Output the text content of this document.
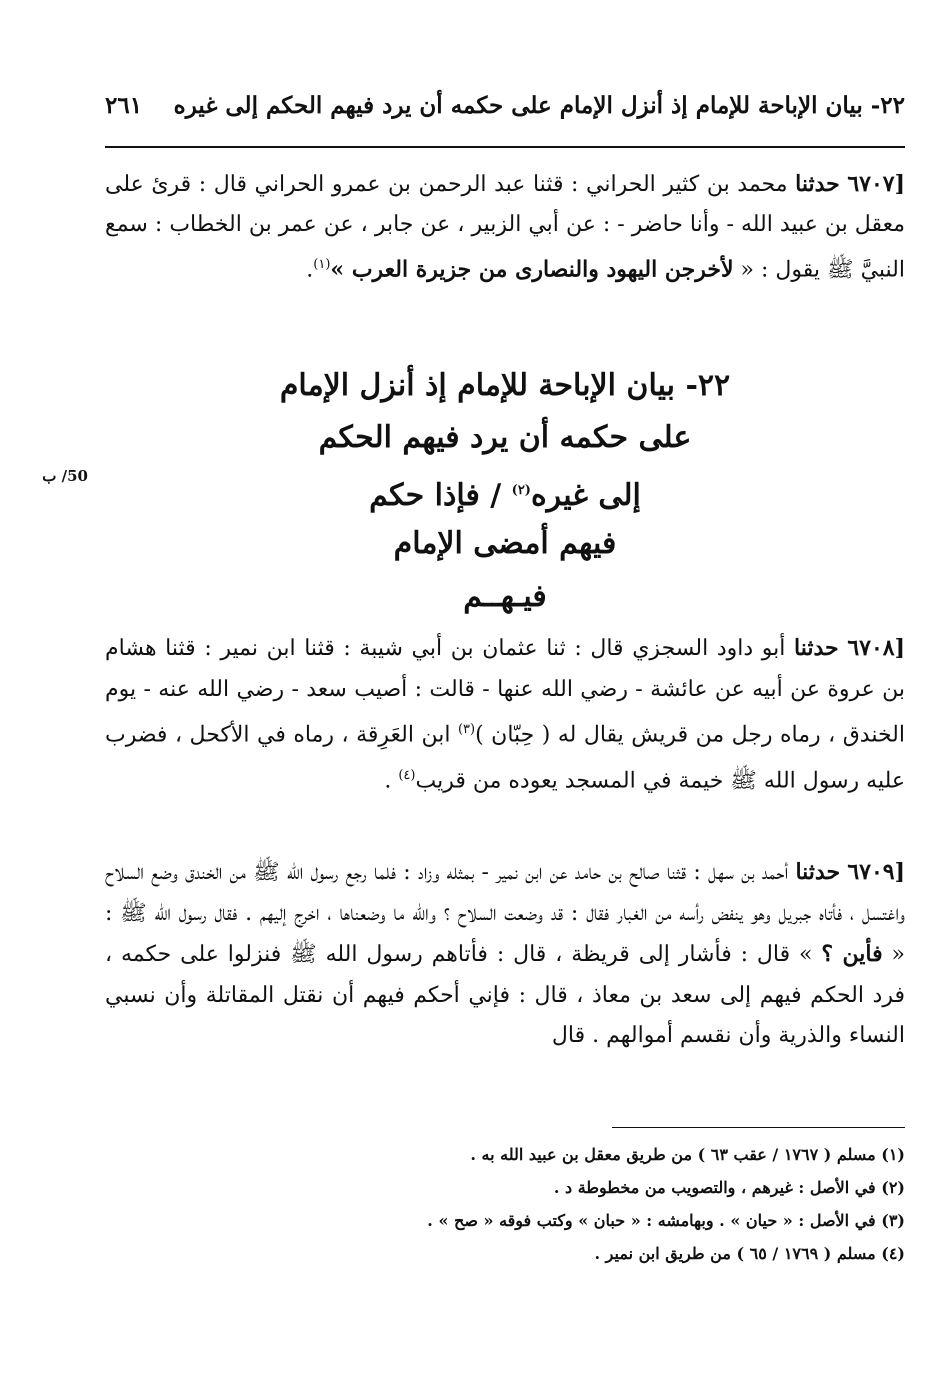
٢٢- بيان الإباحة للإمام إذ أنزل الإمام على حكمه أن يرد فيهم الحكم إلى غيره
٢٦١

[٦٧٠٧ حدثنا محمد بن كثير الحراني : قثنا عبد الرحمن بن عمرو الحراني قال : قرئ على معقل بن عبيد الله - وأنا حاضر - : عن أبي الزبير ، عن جابر ، عن عمر بن الخطاب : سمع النبيَّ ﷺ يقول : « لأخرجن اليهود والنصارى من جزيرة العرب »$^{(١)}$.

٢٢- بيان الإباحة للإمام إذ أنزل الإمام
على حكمه أن يرد فيهم الحكم
إلى غيره$^{(٢)}$ / فإذا حكم
فيهم أمضى الإمام
فيـهــم
50/ ب

[٦٧٠٨ حدثنا أبو داود السجزي قال : ثنا عثمان بن أبي شيبة : قثنا ابن نمير : قثنا هشام بن عروة عن أبيه عن عائشة - رضي الله عنها - قالت : أصيب سعد - رضي الله عنه - يوم الخندق ، رماه رجل من قريش يقال له ( حِبّان )$^{(٣)}$ ابن العَرِقة ، رماه في الأكحل ، فضرب عليه رسول الله ﷺ خيمة في المسجد يعوده من قريب$^{(٤)}$ .

[٦٧٠٩ حدثنا أحمد بن سهل : قثنا صالح بن حامد عن ابن نمير - بمثله وزاد : فلما رجع رسول الله ﷺ من الخندق وضع السلاح واغتسل ، فأتاه جبريل وهو ينفض رأسه من الغبار فقال : قد وضعت السلاح ؟ والله ما وضعناها ، اخرج إليهم . فقال رسول الله ﷺ : « فأين ؟ » قال : فأشار إلى قريظة ، قال : فأتاهم رسول الله ﷺ فنزلوا على حكمه ، فرد الحكم فيهم إلى سعد بن معاذ ، قال : فإني أحكم فيهم أن نقتل المقاتلة وأن نسبي النساء والذرية وأن نقسم أموالهم . قال

(١) مسلم ( ١٧٦٧ / عقب ٦٣ ) من طريق معقل بن عبيد الله به .
(٢) في الأصل : غيرهم ، والتصويب من مخطوطة د .
(٣) في الأصل : « حيان » . وبهامشه : « حبان » وكتب فوقه « صح » .
(٤) مسلم ( ١٧٦٩ / ٦٥ ) من طريق ابن نمير .
